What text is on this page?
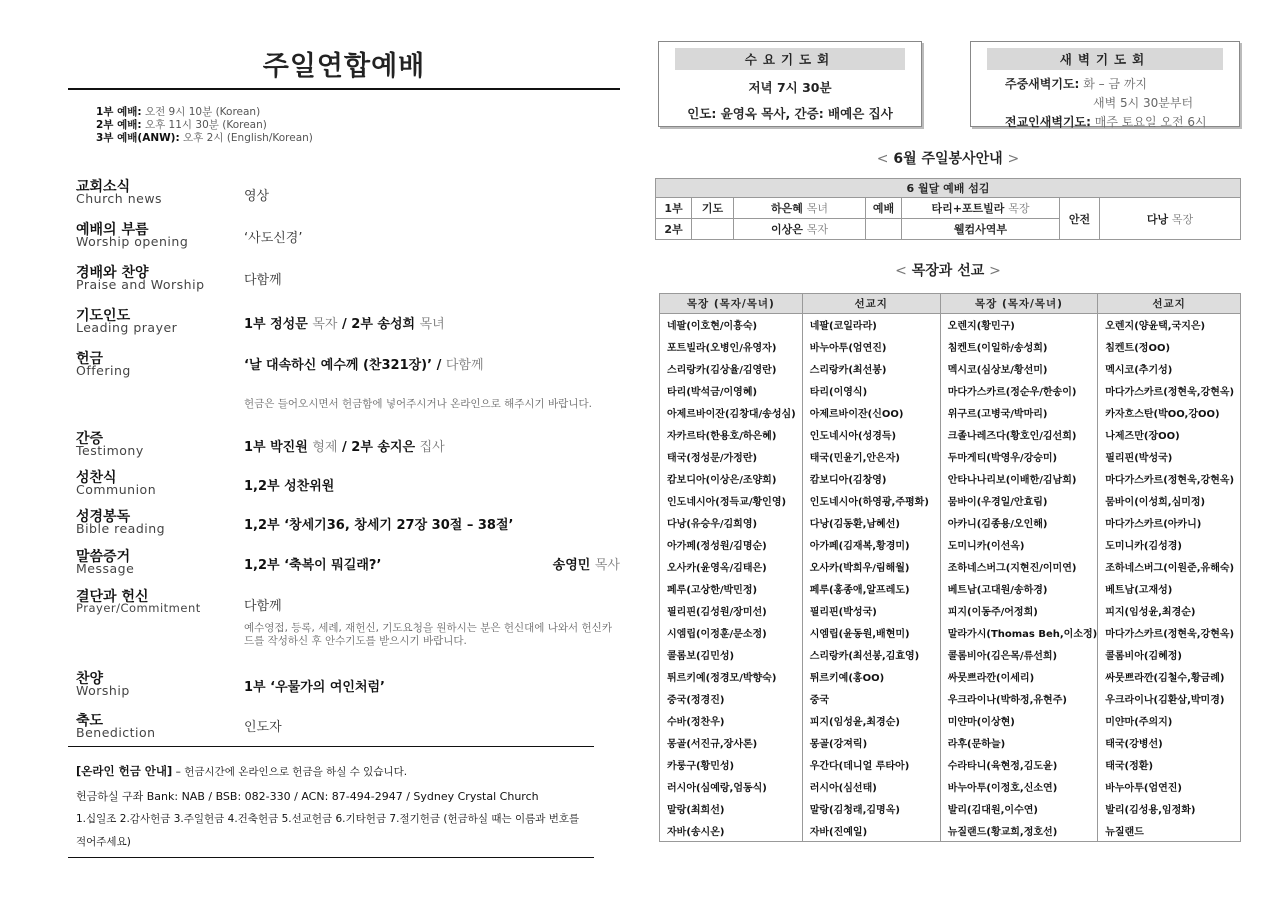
주일연합예배
1부 예배: 오전 9시 10분 (Korean)
2부 예배: 오후 11시 30분 (Korean)
3부 예배(ANW): 오후 2시 (English/Korean)
교회소식
Church news	영상
예배의 부름
Worship opening	‘사도신경’
경배와 찬양
Praise and Worship	다함께
기도인도
Leading prayer	1부 정성문 목자 / 2부 송성희 목녀
헌금
Offering	‘날 대속하신 예수께 (찬321장)’ / 다함께
헌금은 들어오시면서 헌금함에 넣어주시거나 온라인으로 해주시기 바랍니다.
간증
Testimony	1부 박진원 형제 / 2부 송지은 집사
성찬식
Communion	1,2부 성찬위원
성경봉독
Bible reading	1,2부 ‘창세기36, 창세기 27장 30절 – 38절’
말씀증거
Message	1,2부 ‘축복이 뭐길래?’	송영민 목사
결단과 헌신
Prayer/Commitment	다함께
예수영접, 등록, 세례, 재헌신, 기도요청을 원하시는 분은 헌신대에 나와서 헌신카드를 작성하신 후 안수기도를 받으시기 바랍니다.
찬양
Worship	1부 ‘우물가의 여인처럼’
축도
Benediction	인도자
[온라인 헌금 안내] – 헌금시간에 온라인으로 헌금을 하실 수 있습니다.
헌금하실 구좌 Bank: NAB / BSB: 082-330 / ACN: 87-494-2947 / Sydney Crystal Church
1.십일조 2.감사헌금 3.주일헌금 4.건축헌금 5.선교헌금 6.기타헌금 7.절기헌금 (헌금하실 때는 이름과 번호를
적어주세요)
수요기도회
저녁 7시 30분
인도: 윤영옥 목사, 간증: 배예은 집사
새벽기도회
주중새벽기도: 화 – 금 까지
새벽 5시 30분부터
전교인새벽기도: 매주 토요일 오전 6시
< 6월 주일봉사안내 >
6 월달 예배 섬김						
1부	기도	하은혜 목녀	예배	타리+포트빌라 목장	안전	다낭 목장
2부		이상은 목자		웰컴사역부		
< 목장과 선교 >
목장 (목자/목녀)	선교지	목장 (목자/목녀)	선교지
네팔(이호현/이흥숙)	네팔(코일라라)	오렌지(황민구)	오렌지(양윤택,국지은)
포트빌라(오병인/유영자)	바누아투(엄연진)	침켄트(이일하/송성희)	침켄트(정OO)
스리랑카(김상율/김영란)	스리랑카(최선봉)	멕시코(심상보/황선미)	멕시코(추기성)
타리(박석금/이영혜)	타리(이영식)	마다가스카르(정순우/한송이)	마다가스카르(정현욱,강현옥)
아제르바이잔(김창대/송성심)	아제르바이잔(신OO)	위구르(고병국/박마리)	카자흐스탄(박OO,강OO)
자카르타(한용호/하은혜)	인도네시아(성경득)	크졸나레즈다(황호인/김선희)	나제즈만(장OO)
태국(정성문/가정란)	태국(민윤기,안은자)	두마게티(박영우/강승미)	필리핀(박성국)
캄보디아(이상은/조양희)	캄보디아(김창영)	안타나나리보(이배한/김남희)	마다가스카르(정현욱,강현옥)
인도네시아(정득교/황인영)	인도네시아(하영광,주평화)	뭄바이(우경일/안효림)	뭄바이(이성희,심미정)
다낭(유승우/김희영)	다낭(김동환,남혜선)	아카니(김종용/오인해)	마다가스카르(아카니)
아가페(정성원/김명순)	아가페(김재복,황경미)	도미니카(이선옥)	도미니카(김성경)
오사카(윤영옥/김태은)	오사카(박희우/림해월)	조하네스버그(지현진/이미연)	조하네스버그(이원준,유해숙)
페루(고상한/박민정)	페루(홍종애,알프레도)	베트남(고대원/송하경)	베트남(고재성)
필리핀(김성원/장미선)	필리핀(박성국)	피지(이동주/어정희)	피지(임성윤,최경순)
시엠립(이정훈/문소정)	시엠립(윤동원,배현미)	말라가시(Thomas Beh,이소정)	마다가스카르(정현욱,강현옥)
콜롬보(김민성)	스리랑카(최선봉,김효영)	콜롬비아(김은목/류선희)	콜롬비아(김혜정)
튀르키예(정경모/박향숙)	튀르키예(홍OO)	싸뭇쁘라깐(이세리)	싸뭇쁘라깐(김철수,황금례)
중국(정경진)	중국	우크라이나(박하정,유현주)	우크라이나(김환삼,박미경)
수바(정찬우)	피지(임성윤,최경순)	미얀마(이상현)	미얀마(주의지)
몽골(서진규,장사론)	몽골(강져릭)	라후(문하늘)	태국(강병선)
카룽구(황민성)	우간다(데니얼 루타아)	수라타니(육현정,김도윤)	태국(정환)
러시아(심예랑,엄동식)	러시아(심선태)	바누아투(이정호,신소연)	바누아투(엄연진)
말랑(최희선)	말랑(김청래,김명옥)	발리(김대원,이수연)	발리(김성용,임정화)
자바(송시온)	자바(진예일)	뉴질랜드(황교희,정호선)	뉴질랜드
